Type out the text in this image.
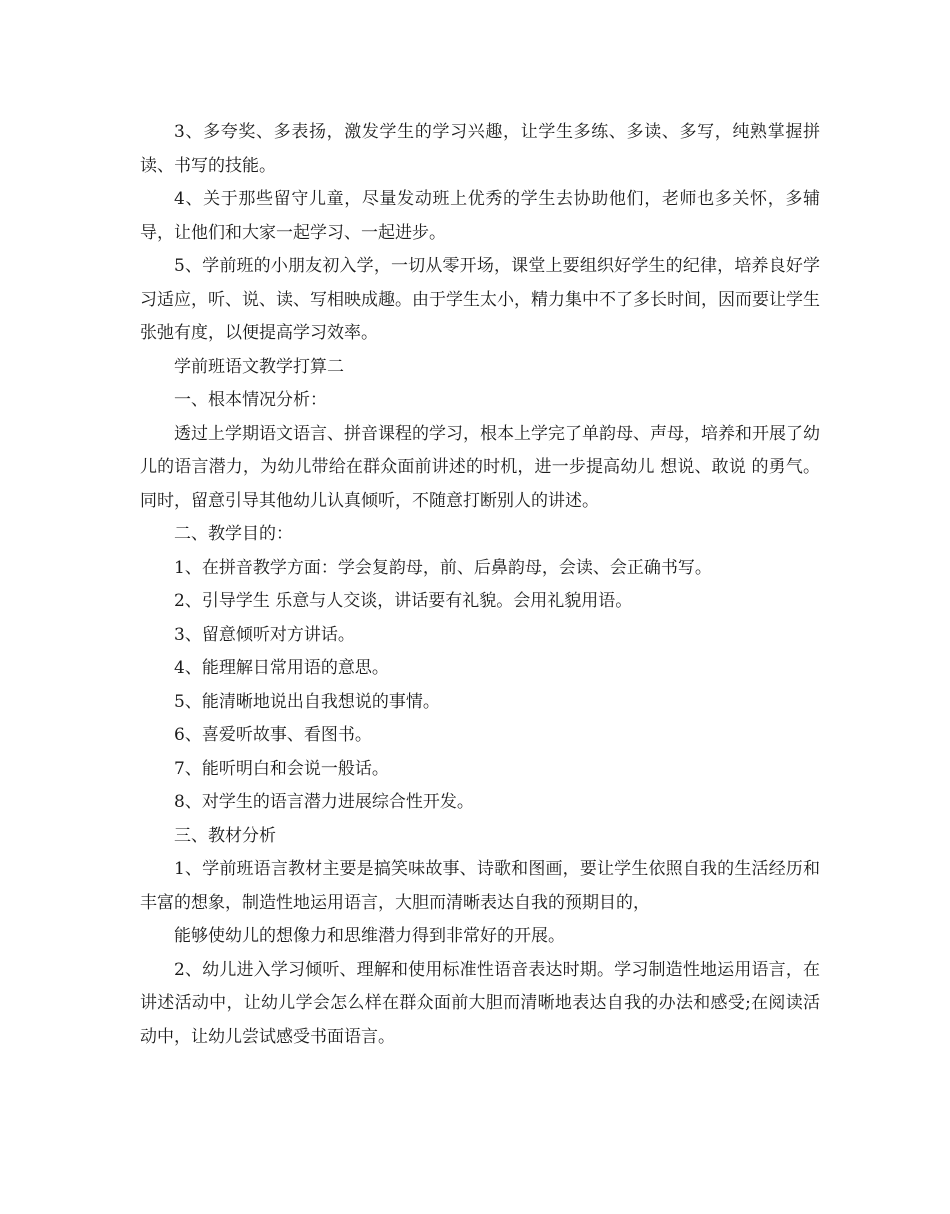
3、多夸奖、多表扬，激发学生的学习兴趣，让学生多练、多读、多写，纯熟掌握拼读、书写的技能。

4、关于那些留守儿童，尽量发动班上优秀的学生去协助他们，老师也多关怀，多辅导，让他们和大家一起学习、一起进步。

5、学前班的小朋友初入学，一切从零开场，课堂上要组织好学生的纪律，培养良好学习适应，听、说、读、写相映成趣。由于学生太小，精力集中不了多长时间，因而要让学生张弛有度，以便提高学习效率。

学前班语文教学打算二

一、根本情况分析：

透过上学期语文语言、拼音课程的学习，根本上学完了单韵母、声母，培养和开展了幼儿的语言潜力，为幼儿带给在群众面前讲述的时机，进一步提高幼儿 想说、敢说 的勇气。同时，留意引导其他幼儿认真倾听，不随意打断别人的讲述。

二、教学目的：

1、在拼音教学方面：学会复韵母，前、后鼻韵母，会读、会正确书写。

2、引导学生 乐意与人交谈，讲话要有礼貌。会用礼貌用语。

3、留意倾听对方讲话。

4、能理解日常用语的意思。

5、能清晰地说出自我想说的事情。

6、喜爱听故事、看图书。

7、能听明白和会说一般话。

8、对学生的语言潜力进展综合性开发。

三、教材分析

1、学前班语言教材主要是搞笑味故事、诗歌和图画，要让学生依照自我的生活经历和丰富的想象，制造性地运用语言，大胆而清晰表达自我的预期目的，

能够使幼儿的想像力和思维潜力得到非常好的开展。

2、幼儿进入学习倾听、理解和使用标准性语音表达时期。学习制造性地运用语言，在讲述活动中，让幼儿学会怎么样在群众面前大胆而清晰地表达自我的办法和感受;在阅读活动中，让幼儿尝试感受书面语言。
